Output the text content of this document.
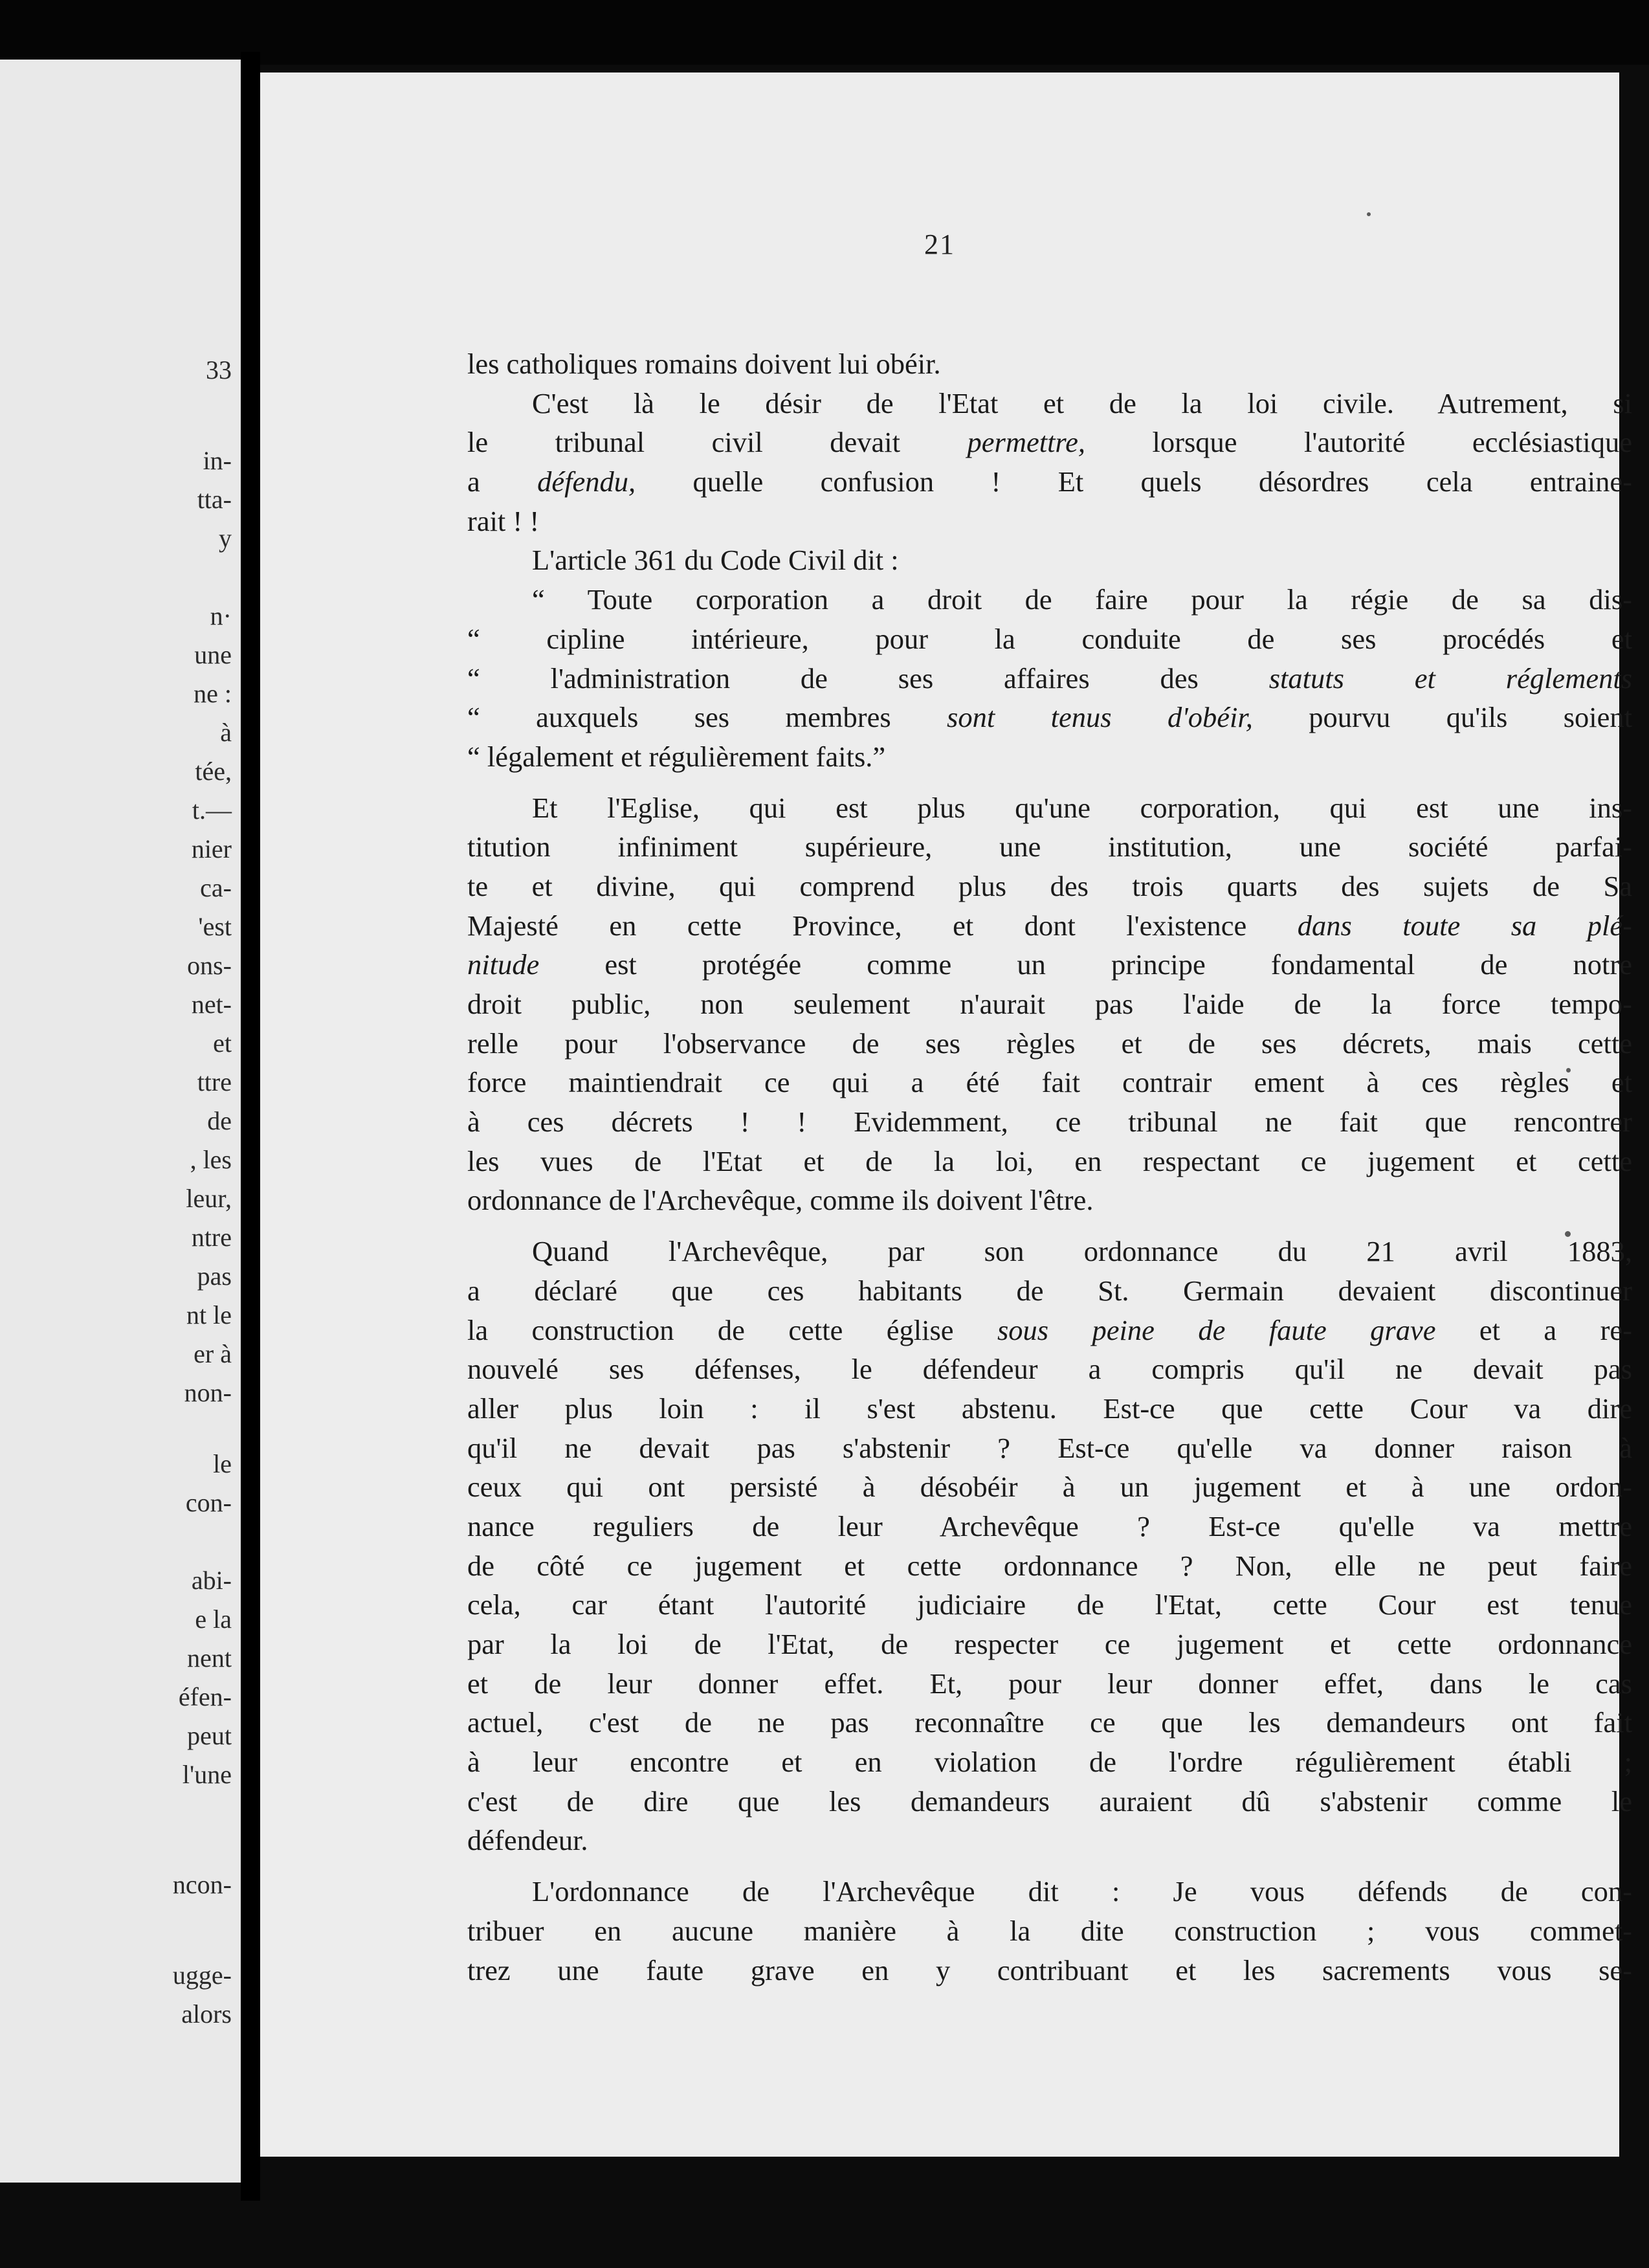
33
in-
tta-
y
n·
une
ne :
à
tée,
t.—
nier
ca-
'est
ons-
net-
et
ttre
de
, les
leur,
ntre
pas
nt le
er à
non-
le
con-
abi-
e la
nent
éfen-
peut
l'une
ncon-
ugge-
alors
21
les catholiques romains doivent lui obéir.
C'est là le désir de l'Etat et de la loi civile. Autrement, si
le tribunal civil devait permettre, lorsque l'autorité ecclésiastique
a défendu, quelle confusion ! Et quels désordres cela entraine-
rait ! !
L'article 361 du Code Civil dit :
“ Toute corporation a droit de faire pour la régie de sa dis-
“ cipline intérieure, pour la conduite de ses procédés et
“ l'administration de ses affaires des statuts et réglements
“ auxquels ses membres sont tenus d'obéir, pourvu qu'ils soient
“ légalement et régulièrement faits.”
Et l'Eglise, qui est plus qu'une corporation, qui est une ins-
titution infiniment supérieure, une institution, une société parfai-
te et divine, qui comprend plus des trois quarts des sujets de Sa
Majesté en cette Province, et dont l'existence dans toute sa plé-
nitude est protégée comme un principe fondamental de notre
droit public, non seulement n'aurait pas l'aide de la force tempo-
relle pour l'observance de ses règles et de ses décrets, mais cette
force maintiendrait ce qui a été fait contrair ement à ces règles et
à ces décrets ! ! Evidemment, ce tribunal ne fait que rencontrer
les vues de l'Etat et de la loi, en respectant ce jugement et cette
ordonnance de l'Archevêque, comme ils doivent l'être.
Quand l'Archevêque, par son ordonnance du 21 avril 1883,
a déclaré que ces habitants de St. Germain devaient discontinuer
la construction de cette église sous peine de faute grave et a re-
nouvelé ses défenses, le défendeur a compris qu'il ne devait pas
aller plus loin : il s'est abstenu. Est-ce que cette Cour va dire
qu'il ne devait pas s'abstenir ? Est-ce qu'elle va donner raison à
ceux qui ont persisté à désobéir à un jugement et à une ordon-
nance reguliers de leur Archevêque ? Est-ce qu'elle va mettre
de côté ce jugement et cette ordonnance ? Non, elle ne peut faire
cela, car étant l'autorité judiciaire de l'Etat, cette Cour est tenue
par la loi de l'Etat, de respecter ce jugement et cette ordonnance
et de leur donner effet. Et, pour leur donner effet, dans le cas
actuel, c'est de ne pas reconnaître ce que les demandeurs ont fait
à leur encontre et en violation de l'ordre régulièrement établi ;
c'est de dire que les demandeurs auraient dû s'abstenir comme le
défendeur.
L'ordonnance de l'Archevêque dit : Je vous défends de con-
tribuer en aucune manière à la dite construction ; vous commet-
trez une faute grave en y contribuant et les sacrements vous se-
